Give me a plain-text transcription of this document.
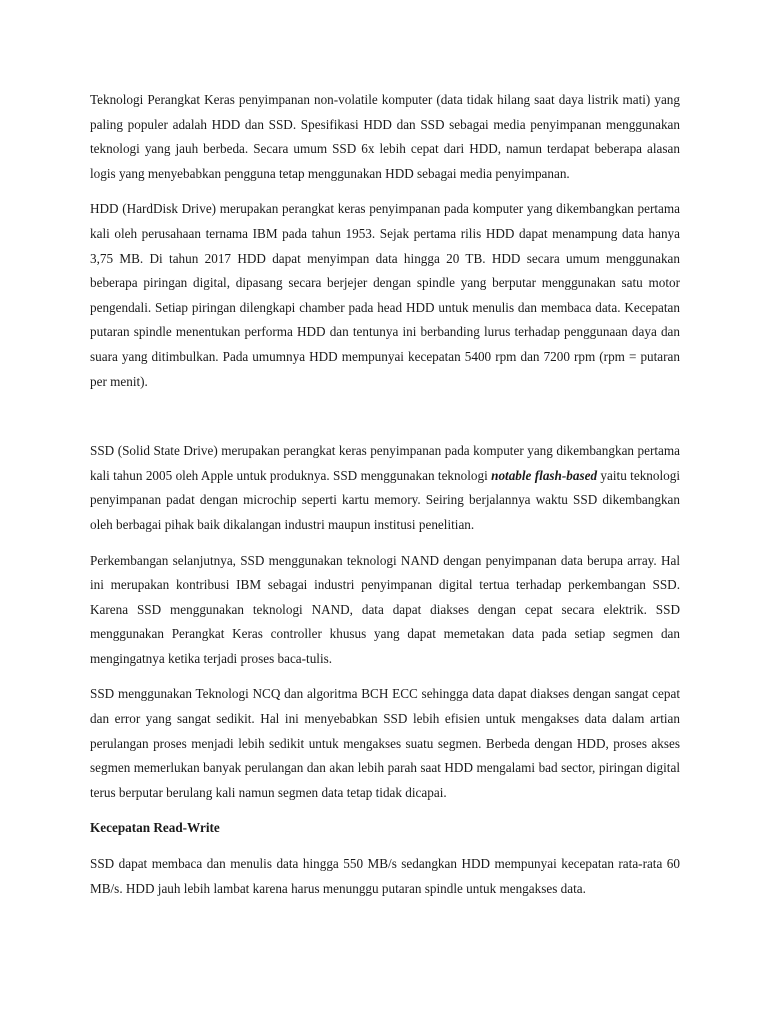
Teknologi Perangkat Keras penyimpanan non-volatile komputer (data tidak hilang saat daya listrik mati) yang paling populer adalah HDD dan SSD. Spesifikasi HDD dan SSD sebagai media penyimpanan menggunakan teknologi yang jauh berbeda. Secara umum SSD 6x lebih cepat dari HDD, namun terdapat beberapa alasan logis yang menyebabkan pengguna tetap menggunakan HDD sebagai media penyimpanan.

HDD (HardDisk Drive) merupakan perangkat keras penyimpanan pada komputer yang dikembangkan pertama kali oleh perusahaan ternama IBM pada tahun 1953. Sejak pertama rilis HDD dapat menampung data hanya 3,75 MB. Di tahun 2017 HDD dapat menyimpan data hingga 20 TB. HDD secara umum menggunakan beberapa piringan digital, dipasang secara berjejer dengan spindle yang berputar menggunakan satu motor pengendali. Setiap piringan dilengkapi chamber pada head HDD untuk menulis dan membaca data. Kecepatan putaran spindle menentukan performa HDD dan tentunya ini berbanding lurus terhadap penggunaan daya dan suara yang ditimbulkan. Pada umumnya HDD mempunyai kecepatan 5400 rpm dan 7200 rpm (rpm = putaran per menit).

SSD (Solid State Drive) merupakan perangkat keras penyimpanan pada komputer yang dikembangkan pertama kali tahun 2005 oleh Apple untuk produknya. SSD menggunakan teknologi notable flash-based yaitu teknologi penyimpanan padat dengan microchip seperti kartu memory. Seiring berjalannya waktu SSD dikembangkan oleh berbagai pihak baik dikalangan industri maupun institusi penelitian.

Perkembangan selanjutnya, SSD menggunakan teknologi NAND dengan penyimpanan data berupa array. Hal ini merupakan kontribusi IBM sebagai industri penyimpanan digital tertua terhadap perkembangan SSD. Karena SSD menggunakan teknologi NAND, data dapat diakses dengan cepat secara elektrik. SSD menggunakan Perangkat Keras controller khusus yang dapat memetakan data pada setiap segmen dan mengingatnya ketika terjadi proses baca-tulis.

SSD menggunakan Teknologi NCQ dan algoritma BCH ECC sehingga data dapat diakses dengan sangat cepat dan error yang sangat sedikit. Hal ini menyebabkan SSD lebih efisien untuk mengakses data dalam artian perulangan proses menjadi lebih sedikit untuk mengakses suatu segmen. Berbeda dengan HDD, proses akses segmen memerlukan banyak perulangan dan akan lebih parah saat HDD mengalami bad sector, piringan digital terus berputar berulang kali namun segmen data tetap tidak dicapai.

Kecepatan Read-Write

SSD dapat membaca dan menulis data hingga 550 MB/s sedangkan HDD mempunyai kecepatan rata-rata 60 MB/s. HDD jauh lebih lambat karena harus menunggu putaran spindle untuk mengakses data.
